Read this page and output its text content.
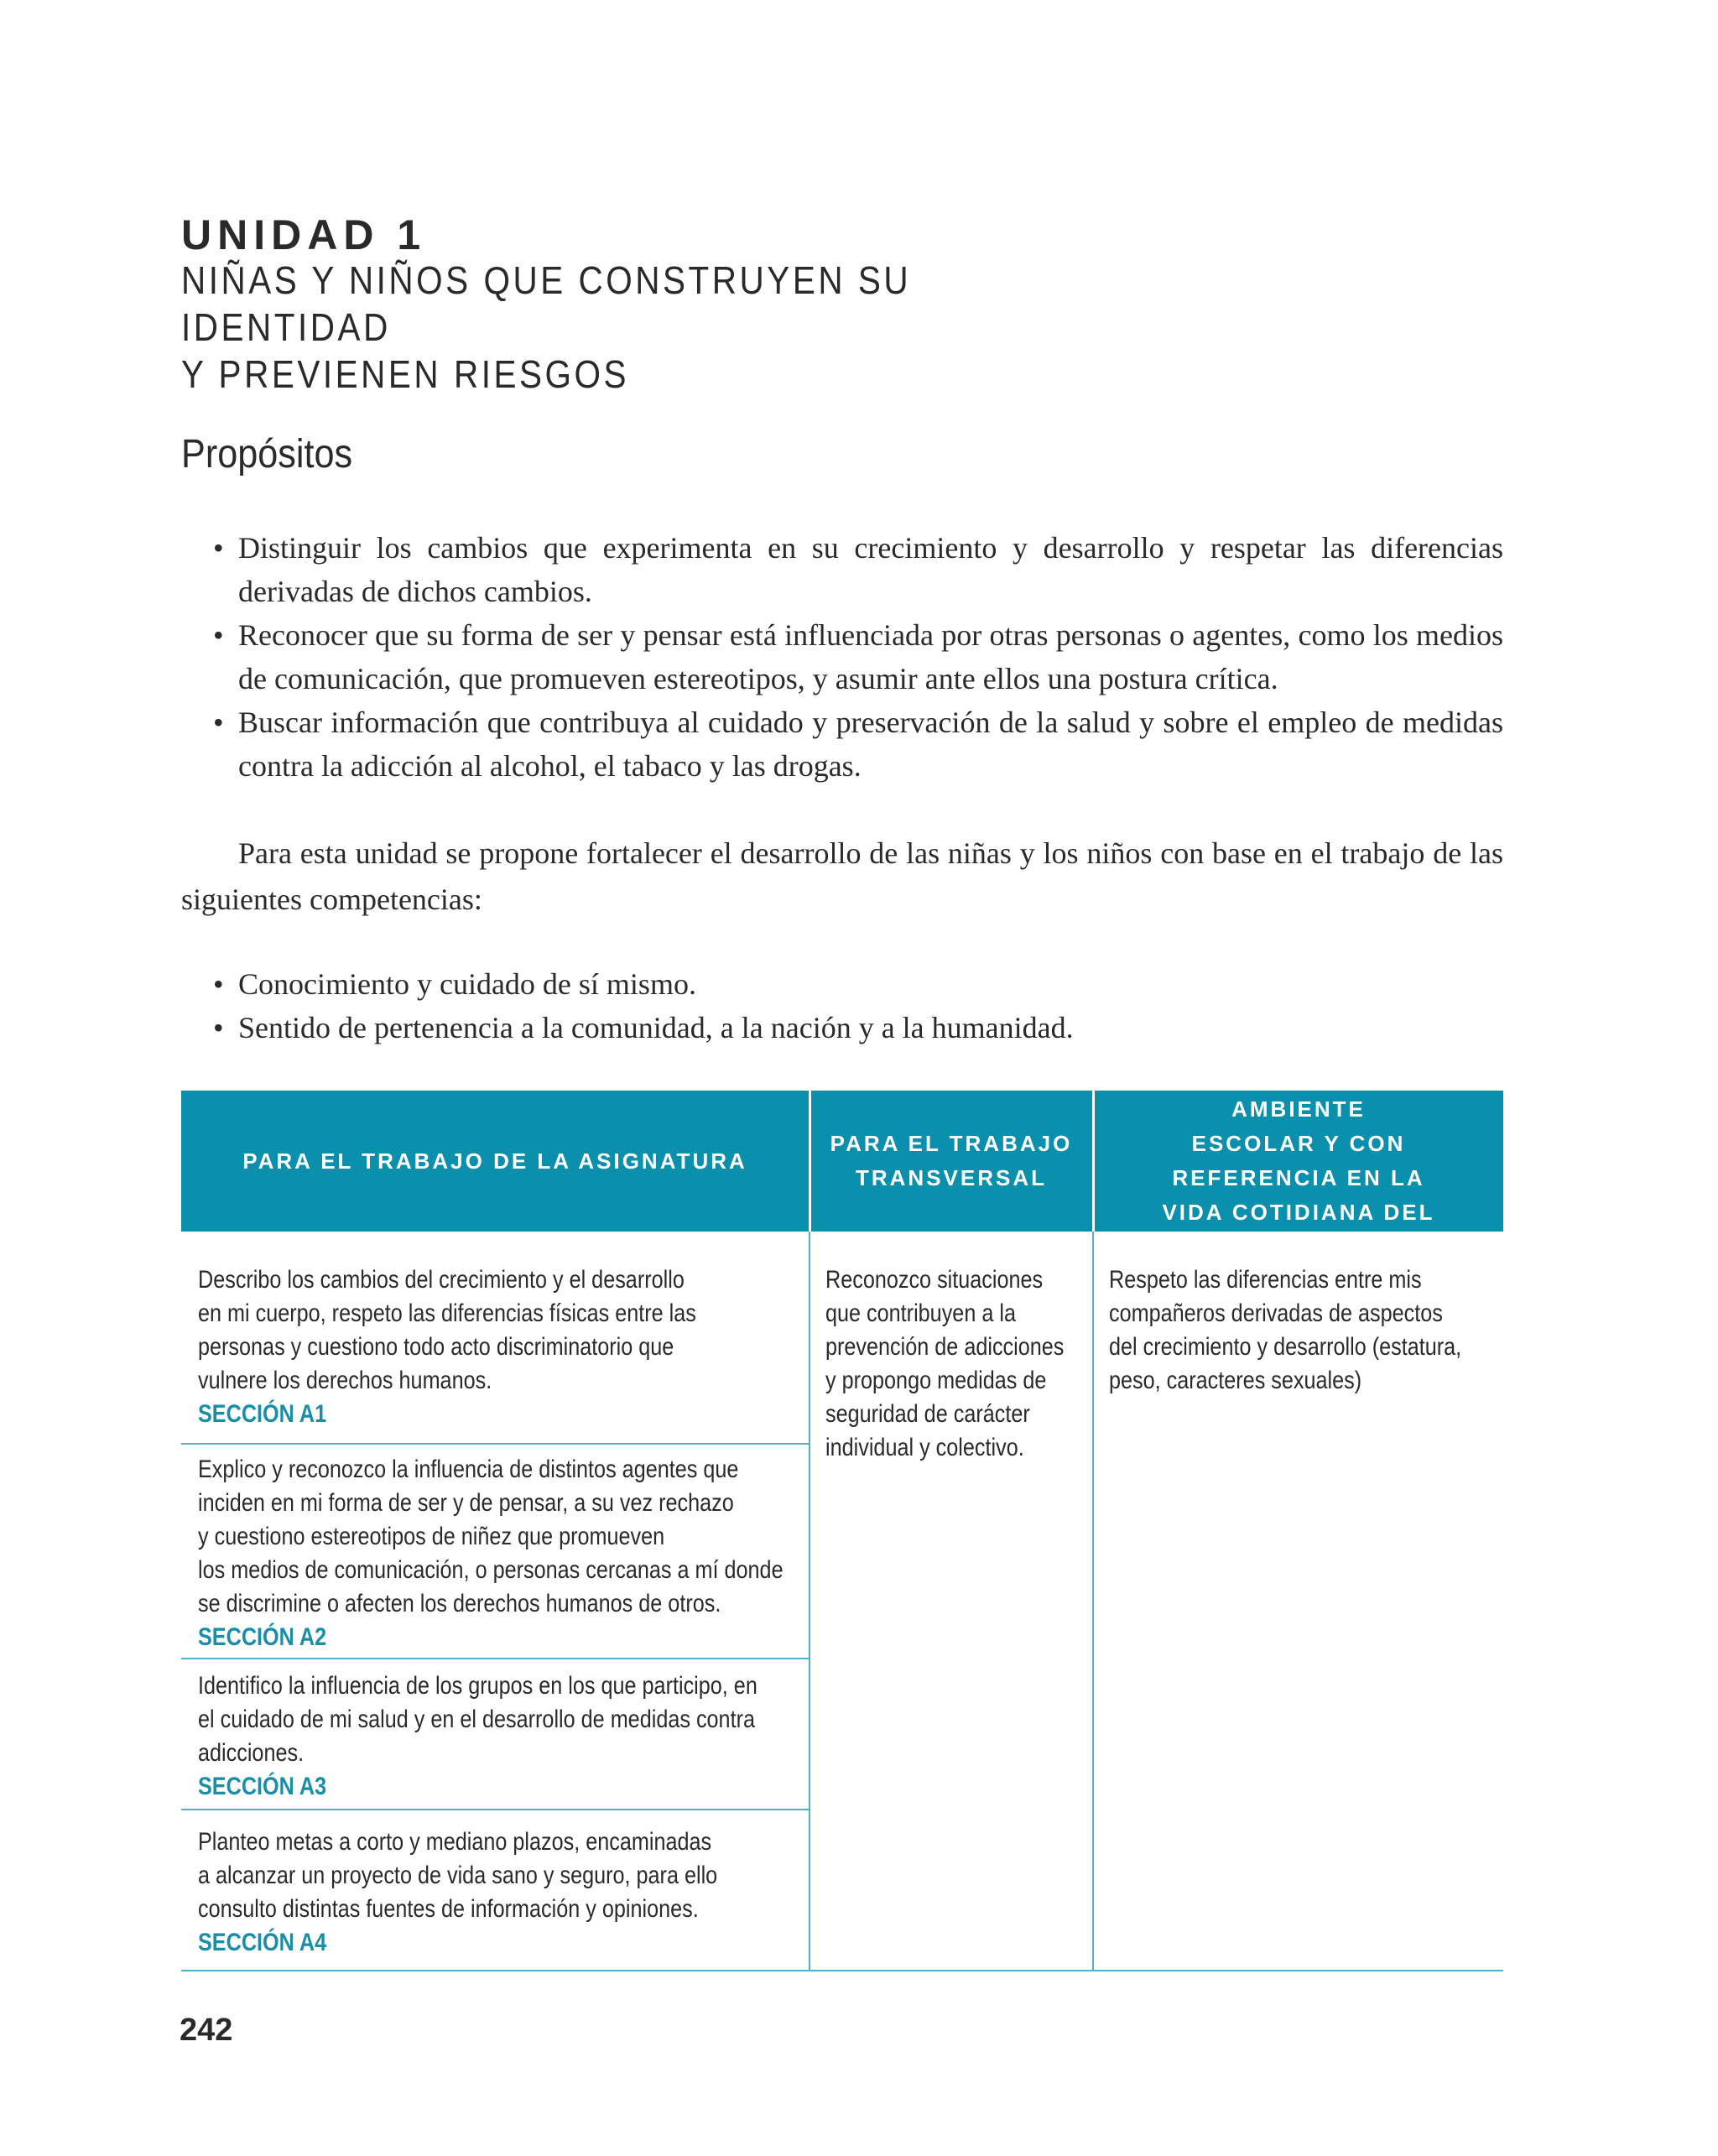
UNIDAD 1
NIÑAS Y NIÑOS QUE CONSTRUYEN SU IDENTIDAD
Y PREVIENEN RIESGOS
Propósitos
• Distinguir los cambios que experimenta en su crecimiento y desarrollo y respetar las diferencias derivadas de dichos cambios.
• Reconocer que su forma de ser y pensar está influenciada por otras personas o agentes, como los medios de comunicación, que promueven estereotipos, y asumir ante ellos una postura crítica.
• Buscar información que contribuya al cuidado y preservación de la salud y sobre el empleo de medidas contra la adicción al alcohol, el tabaco y las drogas.
Para esta unidad se propone fortalecer el desarrollo de las niñas y los niños con base en el trabajo de las siguientes competencias:
• Conocimiento y cuidado de sí mismo.
• Sentido de pertenencia a la comunidad, a la nación y a la humanidad.
PARA EL TRABAJO DE LA ASIGNATURA
PARA EL TRABAJO
TRANSVERSAL
PARA PROMOVER EN EL AMBIENTE
ESCOLAR Y CON REFERENCIA EN LA
VIDA COTIDIANA DEL ALUMNADO
Describo los cambios del crecimiento y el desarrollo
en mi cuerpo, respeto las diferencias físicas entre las
personas y cuestiono todo acto discriminatorio que
vulnere los derechos humanos.
SECCIÓN A1
Explico y reconozco la influencia de distintos agentes que
inciden en mi forma de ser y de pensar, a su vez rechazo
y cuestiono estereotipos de niñez que promueven
los medios de comunicación, o personas cercanas a mí donde
se discrimine o afecten los derechos humanos de otros.
SECCIÓN A2
Identifico la influencia de los grupos en los que participo, en
el cuidado de mi salud y en el desarrollo de medidas contra
adicciones.
SECCIÓN A3
Planteo metas a corto y mediano plazos, encaminadas
a alcanzar un proyecto de vida sano y seguro, para ello
consulto distintas fuentes de información y opiniones.
SECCIÓN A4
Reconozco situaciones
que contribuyen a la
prevención de adicciones
y propongo medidas de
seguridad de carácter
individual y colectivo.
Respeto las diferencias entre mis
compañeros derivadas de aspectos
del crecimiento y desarrollo (estatura,
peso, caracteres sexuales)
242
